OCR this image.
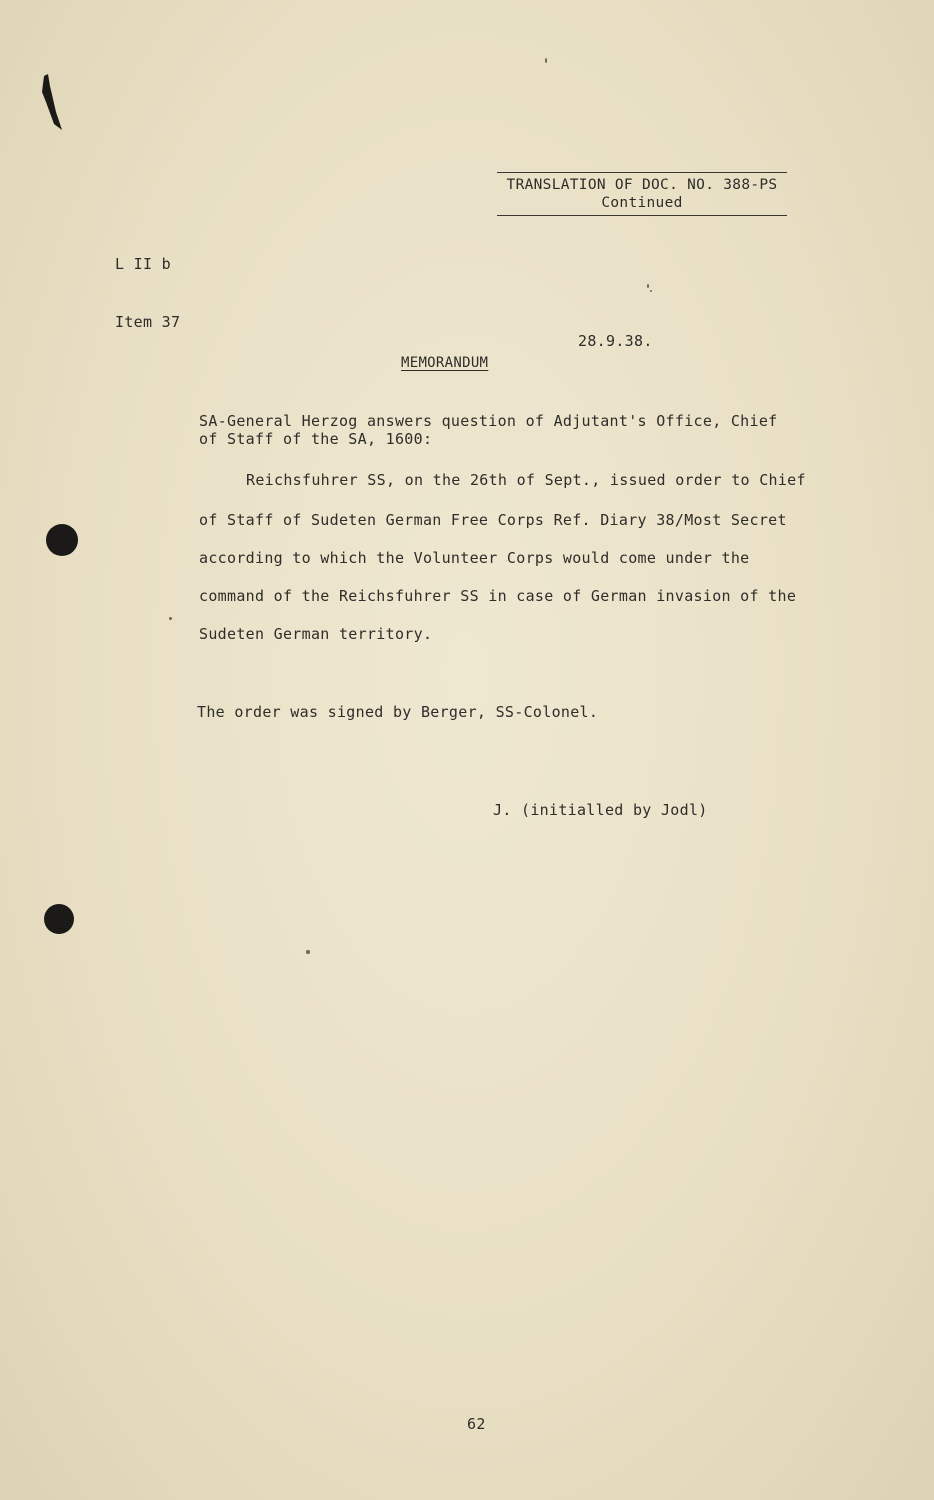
TRANSLATION OF DOC. NO. 388-PS
Continued

L II b

Item 37

28.9.38.

MEMORANDUM

SA-General Herzog answers question of Adjutant's Office, Chief

of Staff of the SA, 1600:

Reichsfuhrer SS, on the 26th of Sept., issued order to Chief

of Staff of Sudeten German Free Corps Ref. Diary 38/Most Secret

according to which the Volunteer Corps would come under the

command of the Reichsfuhrer SS in case of German invasion of the

Sudeten German territory.

The order was signed by Berger, SS-Colonel.

J. (initialled by Jodl)

62
